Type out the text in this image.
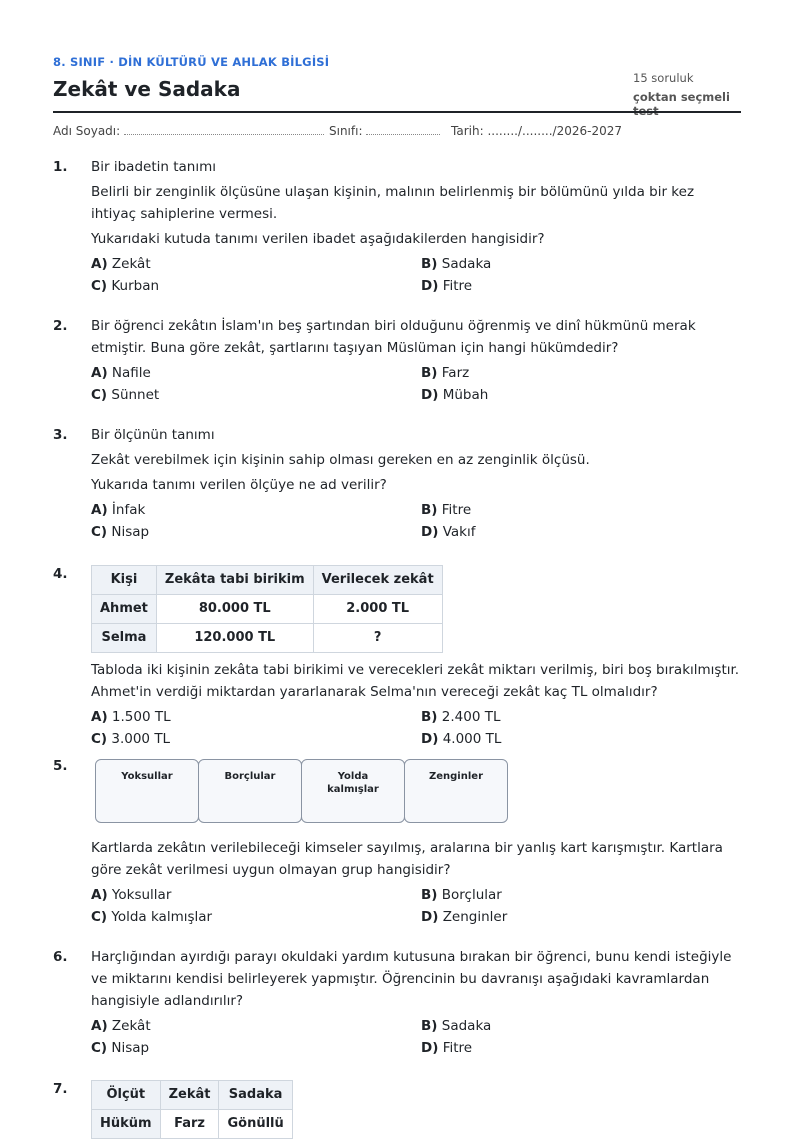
8. SINIF · DİN KÜLTÜRÜ VE AHLAK BİLGİSİ
Zekât ve Sadaka	15 soruluk
çoktan seçmeli
Adı Soyadı:	Sınıfı:	Tarih: ......../......../2026-2027
1. Bir ibadetin tanımı

Belirli bir zenginlik ölçüsüne ulaşan kişinin, malının belirlenmiş bir bölümünü yılda bir kez ihtiyaç sahiplerine vermesi.

Yukarıdaki kutuda tanımı verilen ibadet aşağıdakilerden hangisidir?

A) Zekât	B) Sadaka
C) Kurban	D) Fitre
2. Bir öğrenci zekâtın İslam'ın beş şartından biri olduğunu öğrenmiş ve dinî hükmünü merak etmiştir. Buna göre zekât, şartlarını taşıyan Müslüman için hangi hükümdedir?

A) Nafile	B) Farz
C) Sünnet	D) Mübah
3. Bir ölçünün tanımı

Zekât verebilmek için kişinin sahip olması gereken en az zenginlik ölçüsü.

Yukarıda tanımı verilen ölçüye ne ad verilir?

A) İnfak	B) Fitre
C) Nisap	D) Vakıf
4.	Kişi	Zekâta tabi birikim	Verilecek zekât
Ahmet	80.000 TL	2.000 TL
Selma	120.000 TL	?

Tabloda iki kişinin zekâta tabi birikimi ve verecekleri zekât miktarı verilmiş, biri boş bırakılmıştır. Ahmet'in verdiği miktardan yararlanarak Selma'nın vereceği zekât kaç TL olmalıdır?

A) 1.500 TL	B) 2.400 TL
C) 3.000 TL	D) 4.000 TL
5.
Yoksullar	Borçlular	Yolda kalmışlar
Zenginler

Kartlarda zekâtın verilebileceği kimseler sayılmış, aralarına bir yanlış kart karışmıştır. Kartlara göre zekât verilmesi uygun olmayan grup hangisidir?

A) Yoksullar	B) Borçlular
C) Yolda kalmışlar	D) Zenginler
6. Harçlığından ayırdığı parayı okuldaki yardım kutusuna bırakan bir öğrenci, bunu kendi isteğiyle ve miktarını kendisi belirleyerek yapmıştır. Öğrencinin bu davranışı aşağıdaki kavramlardan hangisiyle adlandırılır?

A) Zekât	B) Sadaka
C) Nisap	D) Fitre
7.	Ölçüt	Zekât	Sadaka
Hüküm	Farz	Gönüllü
